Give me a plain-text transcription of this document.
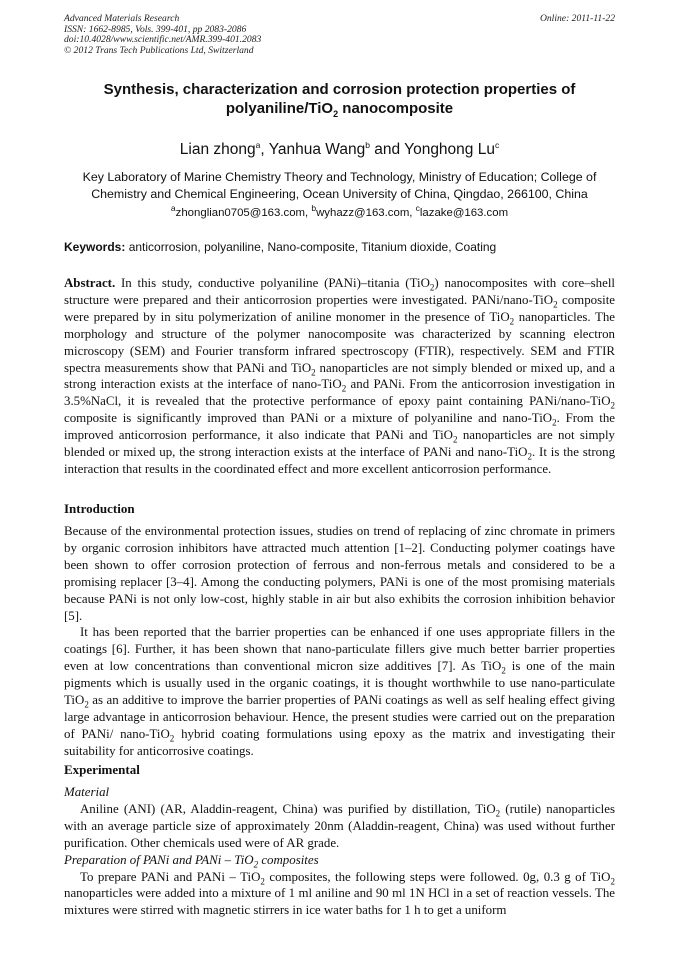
Advanced Materials Research
ISSN: 1662-8985, Vols. 399-401, pp 2083-2086
doi:10.4028/www.scientific.net/AMR.399-401.2083
© 2012 Trans Tech Publications Ltd, Switzerland
Online: 2011-11-22
Synthesis, characterization and corrosion protection properties of
polyaniline/TiO$_2$ nanocomposite
Lian zhong$^a$, Yanhua Wang$^b$ and Yonghong Lu$^c$
Key Laboratory of Marine Chemistry Theory and Technology, Ministry of Education; College of
Chemistry and Chemical Engineering, Ocean University of China, Qingdao, 266100, China
$^a$zhonglian0705@163.com, $^b$wyhazz@163.com, $^c$lazake@163.com
Keywords: anticorrosion, polyaniline, Nano-composite, Titanium dioxide, Coating

Abstract. In this study, conductive polyaniline (PANi)–titania (TiO$_2$) nanocomposites with core–shell structure were prepared and their anticorrosion properties were investigated. PANi/nano-TiO$_2$ composite were prepared by in situ polymerization of aniline monomer in the presence of TiO$_2$ nanoparticles. The morphology and structure of the polymer nanocomposite was characterized by scanning electron microscopy (SEM) and Fourier transform infrared spectroscopy (FTIR), respectively. SEM and FTIR spectra measurements show that PANi and TiO$_2$ nanoparticles are not simply blended or mixed up, and a strong interaction exists at the interface of nano-TiO$_2$ and PANi. From the anticorrosion investigation in 3.5%NaCl, it is revealed that the protective performance of epoxy paint containing PANi/nano-TiO$_2$ composite is significantly improved than PANi or a mixture of polyaniline and nano-TiO$_2$. From the improved anticorrosion performance, it also indicate that PANi and TiO$_2$ nanoparticles are not simply blended or mixed up, the strong interaction exists at the interface of PANi and nano-TiO$_2$. It is the strong interaction that results in the coordinated effect and more excellent anticorrosion performance.

Introduction

Because of the environmental protection issues, studies on trend of replacing of zinc chromate in primers by organic corrosion inhibitors have attracted much attention [1–2]. Conducting polymer coatings have been shown to offer corrosion protection of ferrous and non-ferrous metals and considered to be a promising replacer [3–4]. Among the conducting polymers, PANi is one of the most promising materials because PANi is not only low-cost, highly stable in air but also exhibits the corrosion inhibition behavior [5].

It has been reported that the barrier properties can be enhanced if one uses appropriate fillers in the coatings [6]. Further, it has been shown that nano-particulate fillers give much better barrier properties even at low concentrations than conventional micron size additives [7]. As TiO$_2$ is one of the main pigments which is usually used in the organic coatings, it is thought worthwhile to use nano-particulate TiO$_2$ as an additive to improve the barrier properties of PANi coatings as well as self healing effect giving large advantage in anticorrosion behaviour. Hence, the present studies were carried out on the preparation of PANi/ nano-TiO$_2$ hybrid coating formulations using epoxy as the matrix and investigating their suitability for anticorrosive coatings.

Experimental

Material

Aniline (ANI) (AR, Aladdin-reagent, China) was purified by distillation, TiO$_2$ (rutile) nanoparticles with an average particle size of approximately 20nm (Aladdin-reagent, China) was used without further purification. Other chemicals used were of AR grade.

Preparation of PANi and PANi – TiO$_2$ composites

To prepare PANi and PANi – TiO$_2$ composites, the following steps were followed. 0g, 0.3 g of TiO$_2$ nanoparticles were added into a mixture of 1 ml aniline and 90 ml 1N HCl in a set of reaction vessels. The mixtures were stirred with magnetic stirrers in ice water baths for 1 h to get a uniform
